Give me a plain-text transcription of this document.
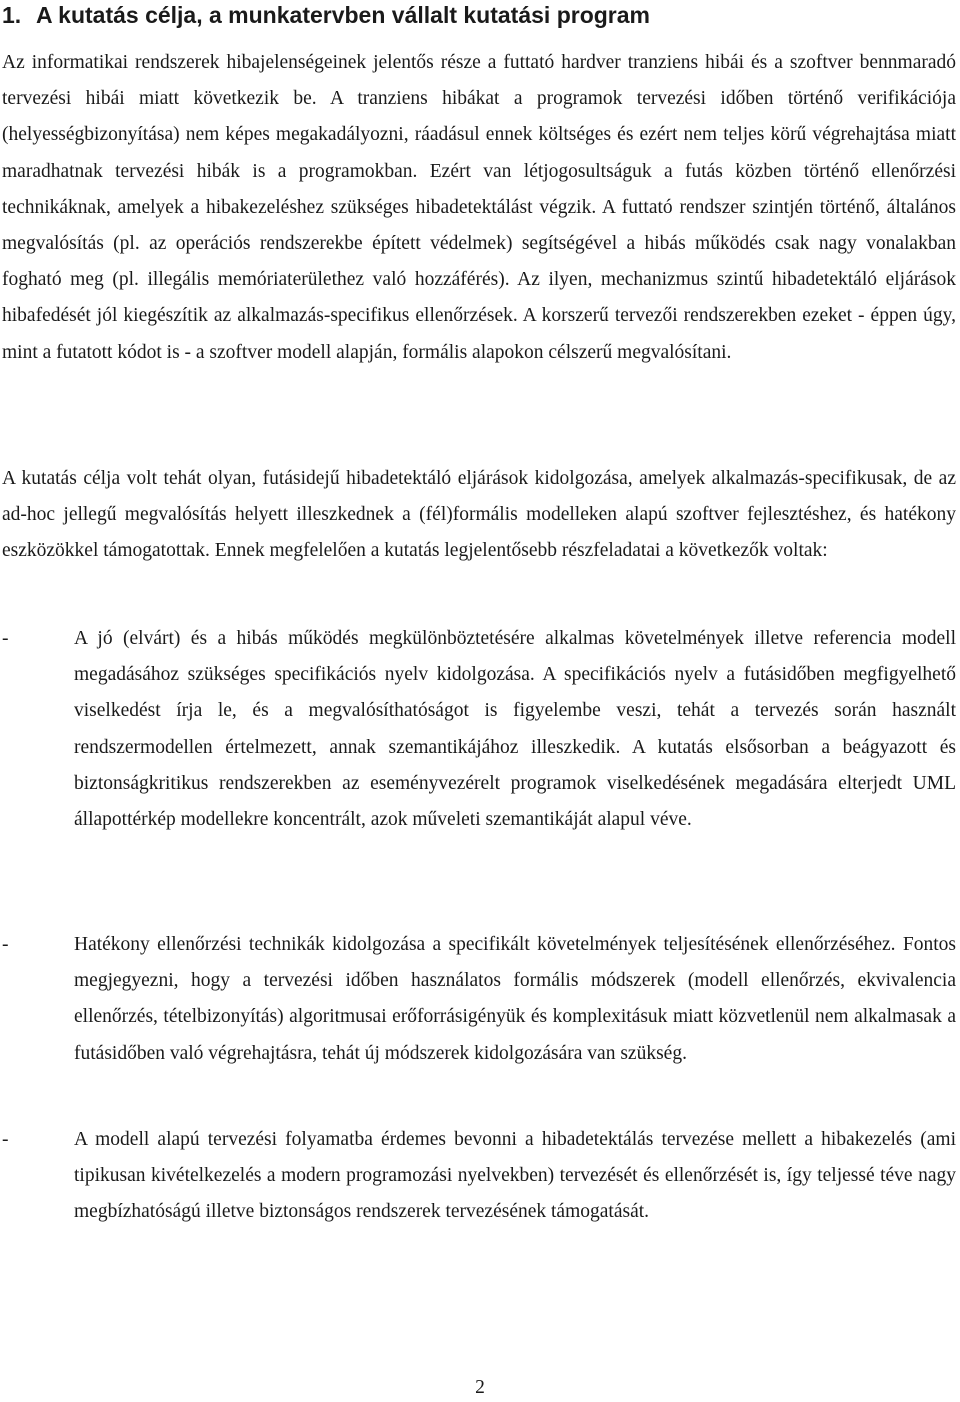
1. A kutatás célja, a munkatervben vállalt kutatási program

Az informatikai rendszerek hibajelenségeinek jelentős része a futtató hardver tranziens hibái és a szoftver bennmaradó tervezési hibái miatt következik be. A tranziens hibákat a programok tervezési időben történő verifikációja (helyességbizonyítása) nem képes megakadályozni, ráadásul ennek költséges és ezért nem teljes körű végrehajtása miatt maradhatnak tervezési hibák is a programokban. Ezért van létjogosultságuk a futás közben történő ellenőrzési technikáknak, amelyek a hibakezeléshez szükséges hibadetektálást végzik. A futtató rendszer szintjén történő, általános megvalósítás (pl. az operációs rendszerekbe épített védelmek) segítségével a hibás működés csak nagy vonalakban fogható meg (pl. illegális memóriaterülethez való hozzáférés). Az ilyen, mechanizmus szintű hibadetektáló eljárások hibafedését jól kiegészítik az alkalmazás-specifikus ellenőrzések. A korszerű tervezői rendszerekben ezeket - éppen úgy, mint a futatott kódot is - a szoftver modell alapján, formális alapokon célszerű megvalósítani.

A kutatás célja volt tehát olyan, futásidejű hibadetektáló eljárások kidolgozása, amelyek alkalmazás-specifikusak, de az ad-hoc jellegű megvalósítás helyett illeszkednek a (fél)formális modelleken alapú szoftver fejlesztéshez, és hatékony eszközökkel támogatottak. Ennek megfelelően a kutatás legjelentősebb részfeladatai a következők voltak:

-	A jó (elvárt) és a hibás működés megkülönböztetésére alkalmas követelmények illetve referencia modell megadásához szükséges specifikációs nyelv kidolgozása. A specifikációs nyelv a futásidőben megfigyelhető viselkedést írja le, és a megvalósíthatóságot is figyelembe veszi, tehát a tervezés során használt rendszermodellen értelmezett, annak szemantikájához illeszkedik. A kutatás elsősorban a beágyazott és biztonságkritikus rendszerekben az eseményvezérelt programok viselkedésének megadására elterjedt UML állapottérkép modellekre koncentrált, azok műveleti szemantikáját alapul véve.
-	Hatékony ellenőrzési technikák kidolgozása a specifikált követelmények teljesítésének ellenőrzéséhez. Fontos megjegyezni, hogy a tervezési időben használatos formális módszerek (modell ellenőrzés, ekvivalencia ellenőrzés, tételbizonyítás) algoritmusai erőforrásigényük és komplexitásuk miatt közvetlenül nem alkalmasak a futásidőben való végrehajtásra, tehát új módszerek kidolgozására van szükség.
-	A modell alapú tervezési folyamatba érdemes bevonni a hibadetektálás tervezése mellett a hibakezelés (ami tipikusan kivételkezelés a modern programozási nyelvekben) tervezését és ellenőrzését is, így teljessé téve nagy megbízhatóságú illetve biztonságos rendszerek tervezésének támogatását.
2
